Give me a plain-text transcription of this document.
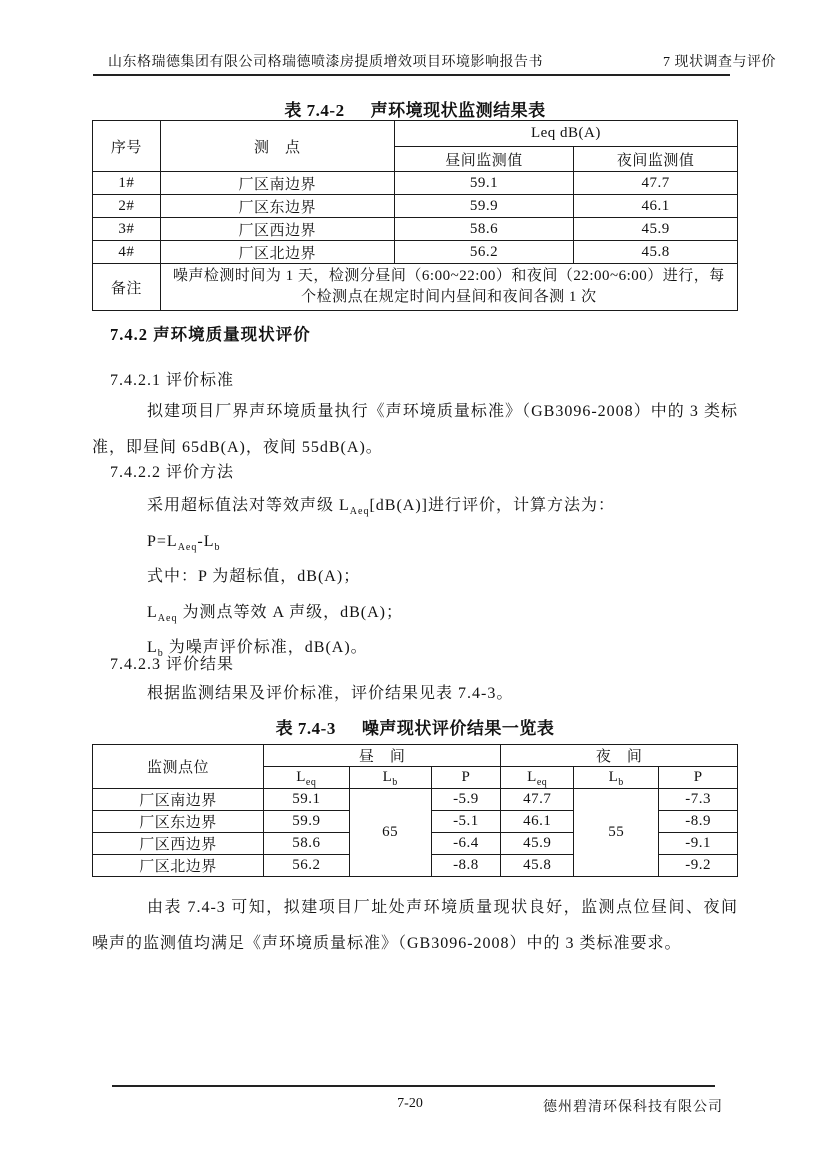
山东格瑞德集团有限公司格瑞德喷漆房提质增效项目环境影响报告书	7 现状调查与评价
表 7.4-2 声环境现状监测结果表
序号	测　点	Leq dB(A)	
		昼间监测值	夜间监测值
1#	厂区南边界	59.1	47.7
2#	厂区东边界	59.9	46.1
3#	厂区西边界	58.6	45.9
4#	厂区北边界	56.2	45.8
备注	噪声检测时间为 1 天，检测分昼间（6:00~22:00）和夜间（22:00~6:00）进行，每个检测点在规定时间内昼间和夜间各测 1 次		
7.4.2 声环境质量现状评价
7.4.2.1 评价标准
拟建项目厂界声环境质量执行《声环境质量标准》（GB3096-2008）中的 3 类标准，即昼间 65dB(A)，夜间 55dB(A)。
7.4.2.2 评价方法
采用超标值法对等效声级 $L_{Aeq}[dB(A)]$进行评价，计算方法为：
$P=L_{Aeq}-L_b$
式中：P 为超标值，dB(A)；
$L_{Aeq}$ 为测点等效 A 声级，dB(A)；
$L_b$ 为噪声评价标准，dB(A)。
7.4.2.3 评价结果
根据监测结果及评价标准，评价结果见表 7.4-3。
表 7.4-3 噪声现状评价结果一览表
监测点位	昼　间			夜　间		
	$L_{eq}$	$L_b$	P	$L_{eq}$	$L_b$	P
厂区南边界	59.1	65	-5.9	47.7	55	-7.3
厂区东边界	59.9		-5.1	46.1		-8.9
厂区西边界	58.6		-6.4	45.9		-9.1
厂区北边界	56.2		-8.8	45.8		-9.2
由表 7.4-3 可知，拟建项目厂址处声环境质量现状良好，监测点位昼间、夜间噪声的监测值均满足《声环境质量标准》（GB3096-2008）中的 3 类标准要求。
7-20	德州碧清环保科技有限公司
